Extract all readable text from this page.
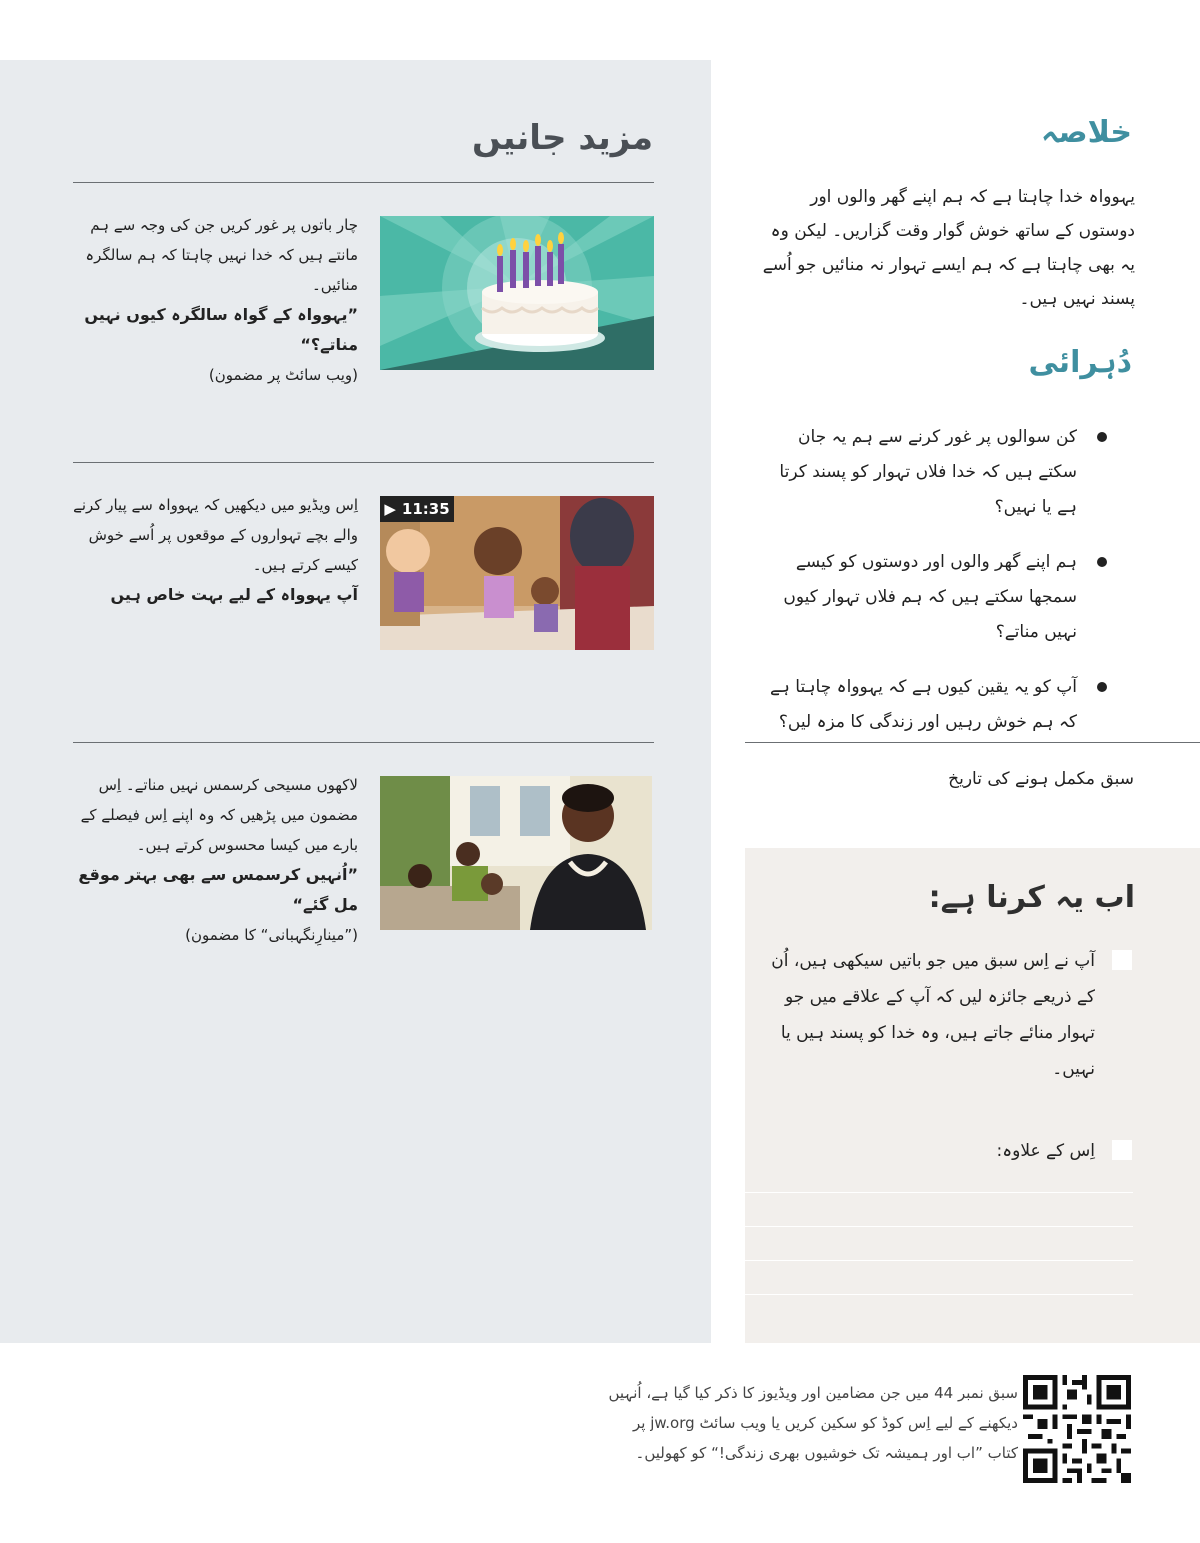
مزید جانیں
چار باتوں پر غور کریں جن کی وجہ سے ہم مانتے ہیں کہ خدا نہیں چاہتا کہ ہم سالگرہ منائیں۔
”یہوواہ کے گواہ سالگرہ کیوں نہیں مناتے؟“
(ویب سائٹ پر مضمون)
اِس ویڈیو میں دیکھیں کہ یہوواہ سے پیار کرنے والے بچے تہواروں کے موقعوں پر اُسے خوش کیسے کرتے ہیں۔
آپ یہوواہ کے لیے بہت خاص ہیں
▶ 11:35
لاکھوں مسیحی کرسمس نہیں مناتے۔ اِس مضمون میں پڑھیں کہ وہ اپنے اِس فیصلے کے بارے میں کیسا محسوس کرتے ہیں۔
”اُنہیں کرسمس سے بھی بہتر موقع مل گئے“
(”مینارِنگہبانی“ کا مضمون)
خلاصہ
یہوواہ خدا چاہتا ہے کہ ہم اپنے گھر والوں اور دوستوں کے ساتھ خوش گوار وقت گزاریں۔ لیکن وہ یہ بھی چاہتا ہے کہ ہم ایسے تہوار نہ منائیں جو اُسے پسند نہیں ہیں۔
دُہرائی
کن سوالوں پر غور کرنے سے ہم یہ جان سکتے ہیں کہ خدا فلاں تہوار کو پسند کرتا ہے یا نہیں؟
ہم اپنے گھر والوں اور دوستوں کو کیسے سمجھا سکتے ہیں کہ ہم فلاں تہوار کیوں نہیں مناتے؟
آپ کو یہ یقین کیوں ہے کہ یہوواہ چاہتا ہے کہ ہم خوش رہیں اور زندگی کا مزہ لیں؟
سبق مکمل ہونے کی تاریخ
اب یہ کرنا ہے:
آپ نے اِس سبق میں جو باتیں سیکھی ہیں، اُن کے ذریعے جائزہ لیں کہ آپ کے علاقے میں جو تہوار منائے جاتے ہیں، وہ خدا کو پسند ہیں یا نہیں۔
اِس کے علاوہ:
سبق نمبر 44 میں جن مضامین اور ویڈیوز کا ذکر کیا گیا ہے، اُنہیں دیکھنے کے لیے اِس کوڈ کو سکین کریں یا ویب سائٹ jw.org پر کتاب ”اب اور ہمیشہ تک خوشیوں بھری زندگی!“ کو کھولیں۔
